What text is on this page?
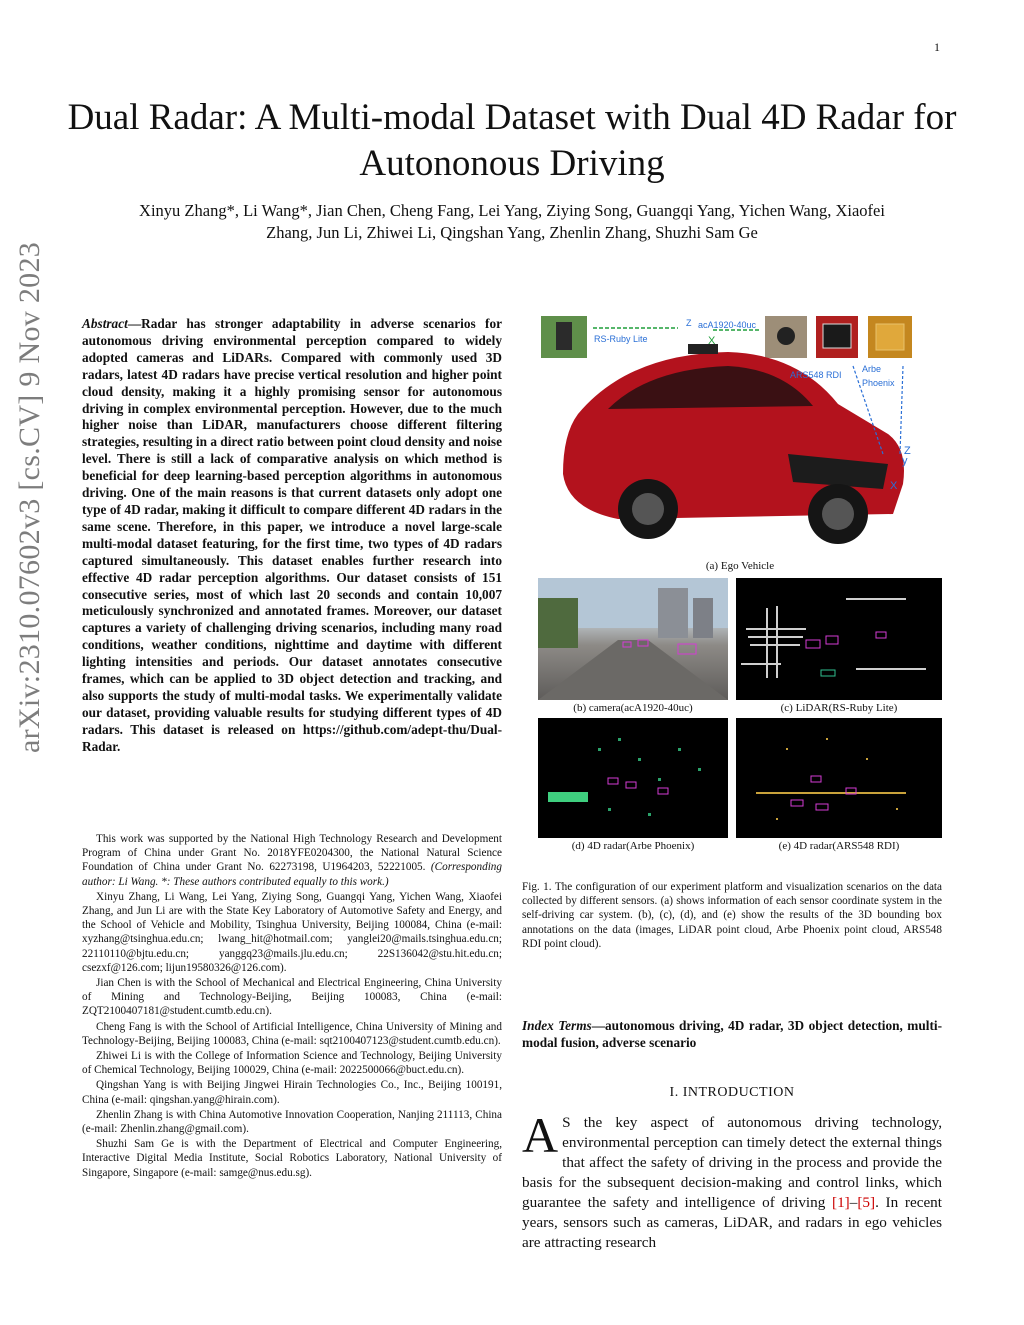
1
Dual Radar: A Multi-modal Dataset with Dual 4D Radar for Autononous Driving
Xinyu Zhang*, Li Wang*, Jian Chen, Cheng Fang, Lei Yang, Ziying Song, Guangqi Yang, Yichen Wang, Xiaofei
Zhang, Jun Li, Zhiwei Li, Qingshan Yang, Zhenlin Zhang, Shuzhi Sam Ge
arXiv:2310.07602v3 [cs.CV] 9 Nov 2023	Abstract—Radar has stronger adaptability in adverse scenarios for autonomous driving environmental perception compared to widely adopted cameras and LiDARs. Compared with commonly used 3D radars, latest 4D radars have precise vertical resolution and higher point cloud density, making it a highly promising sensor for autonomous driving in complex environmental perception. However, due to the much higher noise than LiDAR, manufacturers choose different filtering strategies, resulting in a direct ratio between point cloud density and noise level. There is still a lack of comparative analysis on which method is beneficial for deep learning-based perception algorithms in autonomous driving. One of the main reasons is that current datasets only adopt one type of 4D radar, making it difficult to compare different 4D radars in the same scene. Therefore, in this paper, we introduce a novel large-scale multi-modal dataset featuring, for the first time, two types of 4D radars captured simultaneously. This dataset enables further research into effective 4D radar perception algorithms. Our dataset consists of 151 consecutive series, most of which last 20 seconds and contain 10,007 meticulously synchronized and annotated frames. Moreover, our dataset captures a variety of challenging driving scenarios, including many road conditions, weather conditions, nighttime and daytime with different lighting intensities and periods. Our dataset annotates consecutive frames, which can be applied to 3D object detection and tracking, and also supports the study of multi-modal tasks. We experimentally validate our dataset, providing valuable results for studying different types of 4D radars. This dataset is released on https://github.com/adept-thu/Dual-Radar.

This work was supported by the National High Technology Research and Development Program of China under Grant No. 2018YFE0204300, the National Natural Science Foundation of China under Grant No. 62273198, U1964203, 52221005. (Corresponding author: Li Wang. *: These authors contributed equally to this work.)

Xinyu Zhang, Li Wang, Lei Yang, Ziying Song, Guangqi Yang, Yichen Wang, Xiaofei Zhang, and Jun Li are with the State Key Laboratory of Automotive Safety and Energy, and the School of Vehicle and Mobility, Tsinghua University, Beijing 100084, China (e-mail: xyzhang@tsinghua.edu.cn; lwang_hit@hotmail.com; yanglei20@mails.tsinghua.edu.cn; 22110110@bjtu.edu.cn; yanggq23@mails.jlu.edu.cn; 22S136042@stu.hit.edu.cn; csezxf@126.com; lijun19580326@126.com).

Jian Chen is with the School of Mechanical and Electrical Engineering, China University of Mining and Technology-Beijing, Beijing 100083, China (e-mail: ZQT2100407181@student.cumtb.edu.cn).

Cheng Fang is with the School of Artificial Intelligence, China University of Mining and Technology-Beijing, Beijing 100083, China (e-mail: sqt2100407123@student.cumtb.edu.cn).

Zhiwei Li is with the College of Information Science and Technology, Beijing University of Chemical Technology, Beijing 100029, China (e-mail: 2022500066@buct.edu.cn).

Qingshan Yang is with Beijing Jingwei Hirain Technologies Co., Inc., Beijing 100191, China (e-mail: qingshan.yang@hirain.com).

Zhenlin Zhang is with China Automotive Innovation Cooperation, Nanjing 211113, China (e-mail: Zhenlin.zhang@gmail.com).

Shuzhi Sam Ge is with the Department of Electrical and Computer Engineering, Interactive Digital Media Institute, Social Robotics Laboratory, National University of Singapore, Singapore (e-mail: samge@nus.edu.sg).

RS-Ruby Lite
acA1920-40uc
Z
ARS548 RDI
Arbe
Phoenix
X
y
Z
X
(a) Ego Vehicle
(b) camera(acA1920-40uc)	(c) LiDAR(RS-Ruby Lite)
(d) 4D radar(Arbe Phoenix)	(e) 4D radar(ARS548 RDI)
Fig. 1. The configuration of our experiment platform and visualization scenarios on the data collected by different sensors. (a) shows information of each sensor coordinate system in the self-driving car system. (b), (c), (d), and (e) show the results of the 3D bounding box annotations on the data (images, LiDAR point cloud, Arbe Phoenix point cloud, ARS548 RDI point cloud).
Index Terms—autonomous driving, 4D radar, 3D object detection, multi-modal fusion, adverse scenario
I. INTRODUCTION
A S the key aspect of autonomous driving technology, environmental perception can timely detect the external things that affect the safety of driving in the process and provide the basis for the subsequent decision-making and control links, which guarantee the safety and intelligence of driving [1]–[5]. In recent years, sensors such as cameras, LiDAR, and radars in ego vehicles are attracting research
